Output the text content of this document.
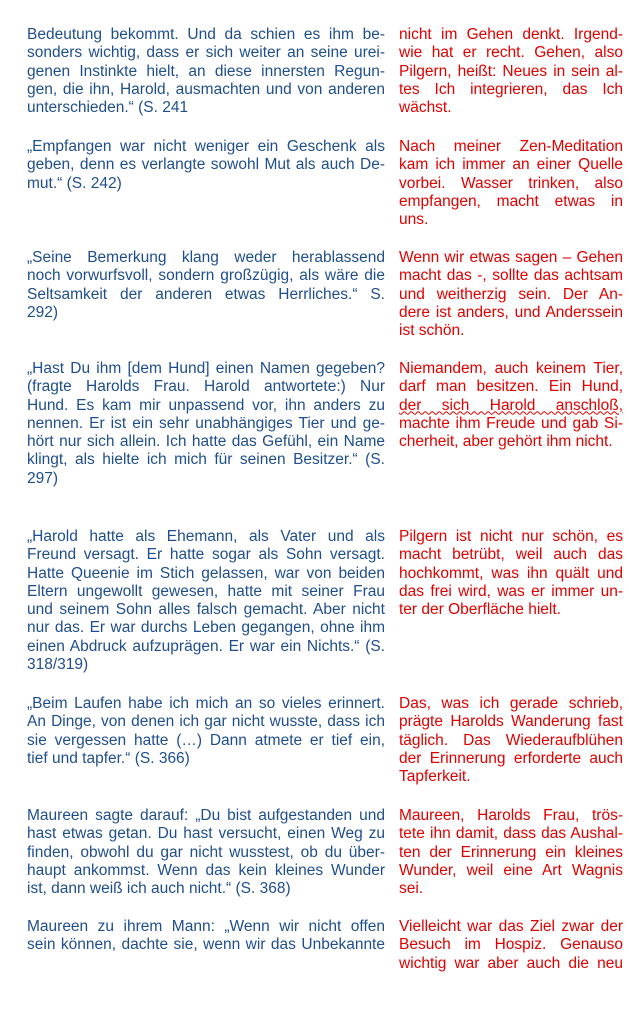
Bedeutung bekommt. Und da schien es ihm be-
sonders wichtig, dass er sich weiter an seine urei-
genen Instinkte hielt, an diese innersten Regun-
gen, die ihn, Harold, ausmachten und von anderen
unterschieden.“ (S. 241
nicht im Gehen denkt. Irgend-
wie hat er recht. Gehen, also
Pilgern, heißt: Neues in sein al-
tes Ich integrieren, das Ich
wächst.
„Empfangen war nicht weniger ein Geschenk als
geben, denn es verlangte sowohl Mut als auch De-
mut.“ (S. 242)
Nach meiner Zen-Meditation
kam ich immer an einer Quelle
vorbei. Wasser trinken, also
empfangen, macht etwas in
uns.
„Seine Bemerkung klang weder herablassend
noch vorwurfsvoll, sondern großzügig, als wäre die
Seltsamkeit der anderen etwas Herrliches.“ S.
292)
Wenn wir etwas sagen – Gehen
macht das -, sollte das achtsam
und weitherzig sein. Der An-
dere ist anders, und Anderssein
ist schön.
„Hast Du ihm [dem Hund] einen Namen gegeben?
(fragte Harolds Frau. Harold antwortete:) Nur
Hund. Es kam mir unpassend vor, ihn anders zu
nennen. Er ist ein sehr unabhängiges Tier und ge-
hört nur sich allein. Ich hatte das Gefühl, ein Name
klingt, als hielte ich mich für seinen Besitzer.“ (S.
297)
Niemandem, auch keinem Tier,
darf man besitzen. Ein Hund,
der sich Harold anschloß,
machte ihm Freude und gab Si-
cherheit, aber gehört ihm nicht.
„Harold hatte als Ehemann, als Vater und als
Freund versagt. Er hatte sogar als Sohn versagt.
Hatte Queenie im Stich gelassen, war von beiden
Eltern ungewollt gewesen, hatte mit seiner Frau
und seinem Sohn alles falsch gemacht. Aber nicht
nur das. Er war durchs Leben gegangen, ohne ihm
einen Abdruck aufzuprägen. Er war ein Nichts.“ (S.
318/319)
Pilgern ist nicht nur schön, es
macht betrübt, weil auch das
hochkommt, was ihn quält und
das frei wird, was er immer un-
ter der Oberfläche hielt.
„Beim Laufen habe ich mich an so vieles erinnert.
An Dinge, von denen ich gar nicht wusste, dass ich
sie vergessen hatte (…) Dann atmete er tief ein,
tief und tapfer.“ (S. 366)
Das, was ich gerade schrieb,
prägte Harolds Wanderung fast
täglich. Das Wiederaufblühen
der Erinnerung erforderte auch
Tapferkeit.
Maureen sagte darauf: „Du bist aufgestanden und
hast etwas getan. Du hast versucht, einen Weg zu
finden, obwohl du gar nicht wusstest, ob du über-
haupt ankommst. Wenn das kein kleines Wunder
ist, dann weiß ich auch nicht.“ (S. 368)
Maureen, Harolds Frau, trös-
tete ihn damit, dass das Aushal-
ten der Erinnerung ein kleines
Wunder, weil eine Art Wagnis
sei.
Maureen zu ihrem Mann: „Wenn wir nicht offen
sein können, dachte sie, wenn wir das Unbekannte
Vielleicht war das Ziel zwar der
Besuch im Hospiz. Genauso
wichtig war aber auch die neu
